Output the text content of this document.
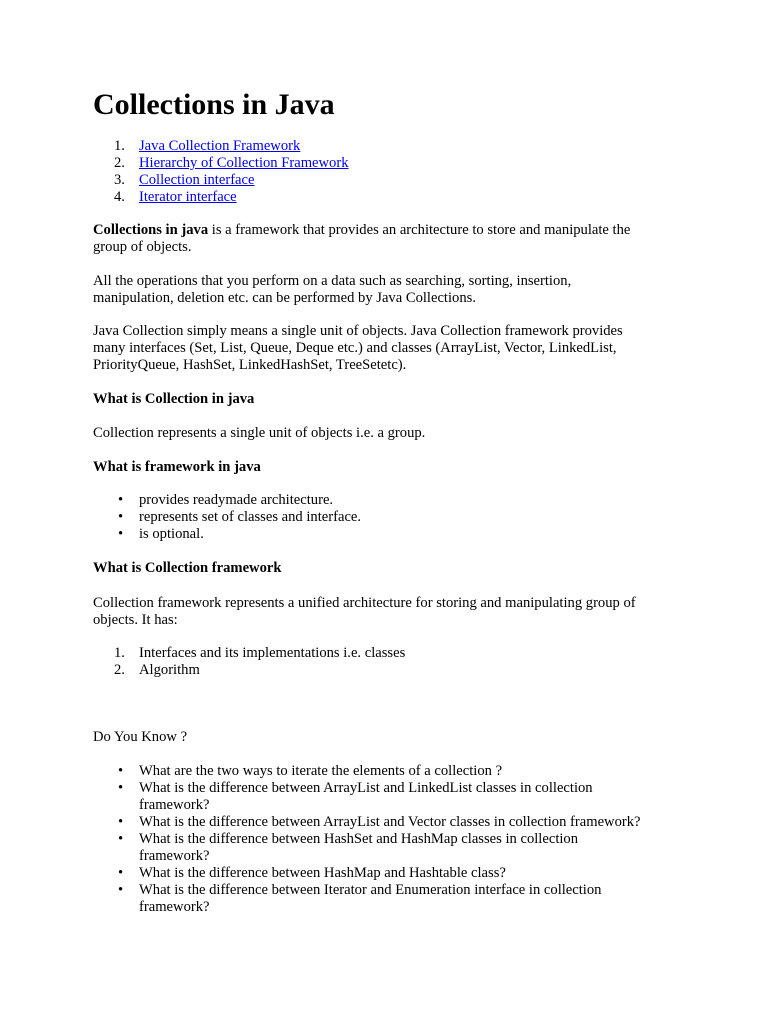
Collections in Java
1. Java Collection Framework
2. Hierarchy of Collection Framework
3. Collection interface
4. Iterator interface

Collections in java is a framework that provides an architecture to store and manipulate the
group of objects.

All the operations that you perform on a data such as searching, sorting, insertion,
manipulation, deletion etc. can be performed by Java Collections.

Java Collection simply means a single unit of objects. Java Collection framework provides
many interfaces (Set, List, Queue, Deque etc.) and classes (ArrayList, Vector, LinkedList,
PriorityQueue, HashSet, LinkedHashSet, TreeSetetc).

What is Collection in java

Collection represents a single unit of objects i.e. a group.

What is framework in java
•	provides readymade architecture.
•	represents set of classes and interface.
•	is optional.
What is Collection framework

Collection framework represents a unified architecture for storing and manipulating group of
objects. It has:

1. Interfaces and its implementations i.e. classes
2. Algorithm
Do You Know ?
•	What are the two ways to iterate the elements of a collection ?
•	What is the difference between ArrayList and LinkedList classes in collection
framework?
•	What is the difference between ArrayList and Vector classes in collection framework?
•	What is the difference between HashSet and HashMap classes in collection
framework?
•	What is the difference between HashMap and Hashtable class?
•	What is the difference between Iterator and Enumeration interface in collection
framework?
